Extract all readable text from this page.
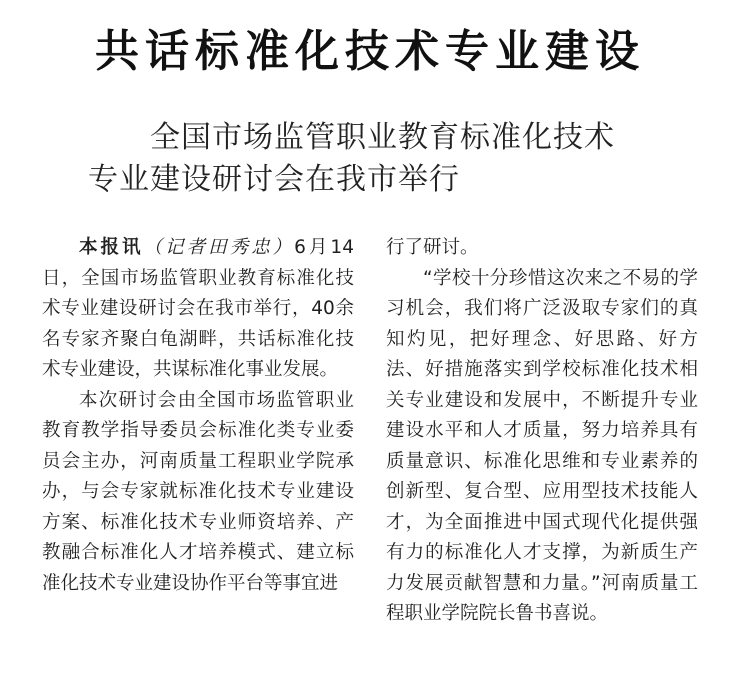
共话标准化技术专业建设
全国市场监管职业教育标准化技术
专业建设研讨会在我市举行

本报讯（记者田秀忠）6月14日，全国市场监管职业教育标准化技术专业建设研讨会在我市举行，40余名专家齐聚白龟湖畔，共话标准化技术专业建设，共谋标准化事业发展。

本次研讨会由全国市场监管职业教育教学指导委员会标准化类专业委员会主办，河南质量工程职业学院承办，与会专家就标准化技术专业建设方案、标准化技术专业师资培养、产教融合标准化人才培养模式、建立标准化技术专业建设协作平台等事宜进

行了研讨。

“学校十分珍惜这次来之不易的学习机会，我们将广泛汲取专家们的真知灼见，把好理念、好思路、好方法、好措施落实到学校标准化技术相关专业建设和发展中，不断提升专业建设水平和人才质量，努力培养具有质量意识、标准化思维和专业素养的创新型、复合型、应用型技术技能人才，为全面推进中国式现代化提供强有力的标准化人才支撑，为新质生产力发展贡献智慧和力量。”河南质量工程职业学院院长鲁书喜说。
